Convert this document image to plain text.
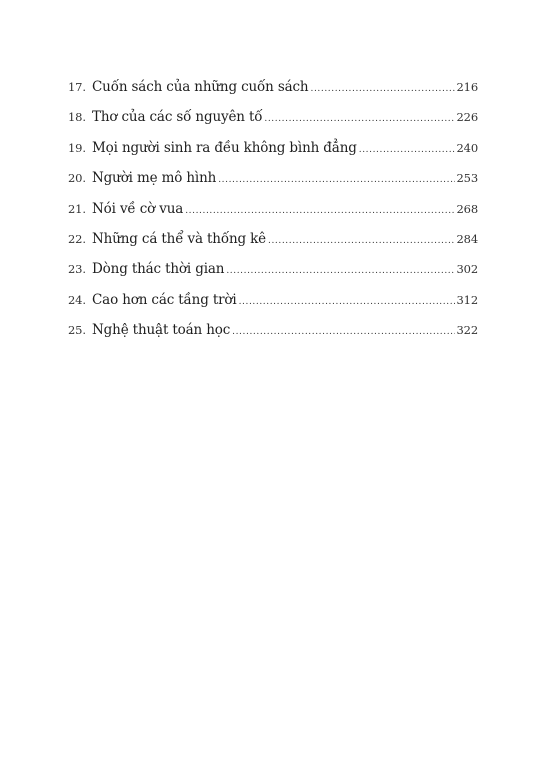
17. Cuốn sách của những cuốn sách .....	216
18. Thơ của các số nguyên tố .....	226
19. Mọi người sinh ra đều không bình đẳng .....	240
20. Người mẹ mô hình .....	253
21. Nói về cờ vua .....	268
22. Những cá thể và thống kê .....	284
23. Dòng thác thời gian .....	302
24. Cao hơn các tầng trời .....	312
25. Nghệ thuật toán học .....	322
